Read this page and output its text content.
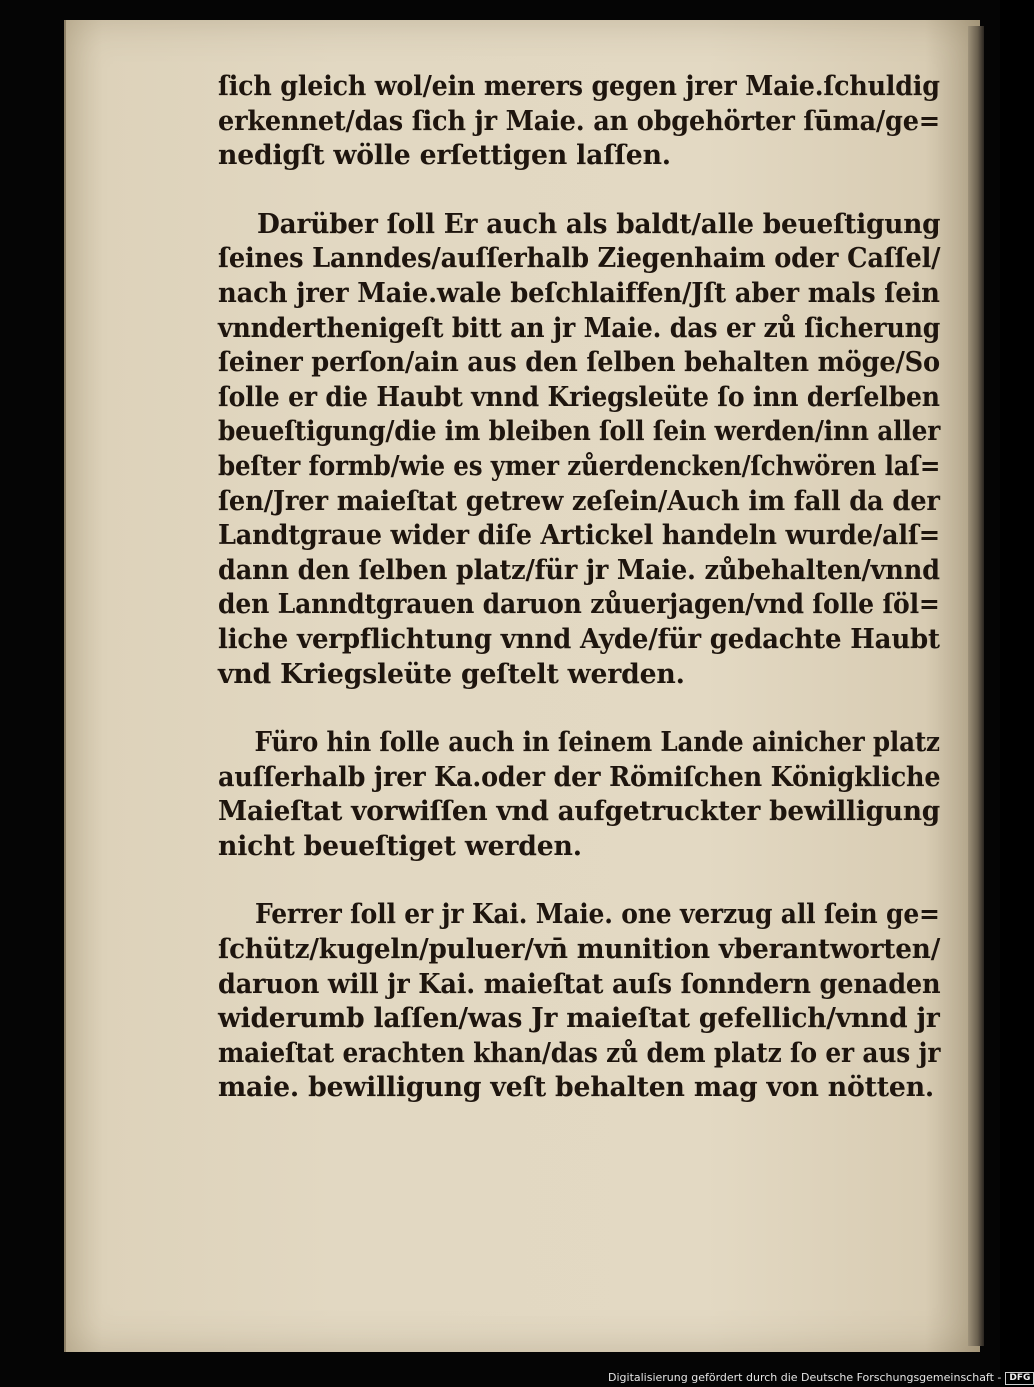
ſich gleich wol/ein merers gegen jrer Maie.ſchuldig
erkennet/das ſich jr Maie. an obgehörter ſūma/ge=
nedigſt wölle erſettigen laſſen.
Darüber ſoll Er auch als baldt/alle beueſtigung
ſeines Lanndes/auſſerhalb Ziegenhaim oder Caſſel/
nach jrer Maie.wale beſchlaiffen/Jſt aber mals ſein
vnnderthenigeſt bitt an jr Maie. das er zů ſicherung
ſeiner perſon/ain aus den ſelben behalten möge/So
ſolle er die Haubt vnnd Kriegsleüte ſo inn derſelben
beueſtigung/die im bleiben ſoll ſein werden/inn aller
beſter formb/wie es ymer zůerdencken/ſchwören laſ=
ſen/Jrer maieſtat getrew zeſein/Auch im fall da der
Landtgraue wider diſe Artickel handeln wurde/alſ=
dann den ſelben platz/für jr Maie. zůbehalten/vnnd
den Lanndtgrauen daruon zůuerjagen/vnd ſolle ſöl=
liche verpflichtung vnnd Ayde/für gedachte Haubt
vnd Kriegsleüte geſtelt werden.
Füro hin ſolle auch in ſeinem Lande ainicher platz
auſſerhalb jrer Ka.oder der Römiſchen Königkliche
Maieſtat vorwiſſen vnd aufgetruckter bewilligung
nicht beueſtiget werden.
Ferrer ſoll er jr Kai. Maie. one verzug all ſein ge=
ſchütz/kugeln/puluer/vn̄ munition vberantworten/
daruon will jr Kai. maieſtat auſs ſonndern genaden
widerumb laſſen/was Jr maieſtat gefellich/vnnd jr
maieſtat erachten khan/das zů dem platz ſo er aus jr
maie. bewilligung veſt behalten mag von nötten.
Digitalisierung gefördert durch die Deutsche Forschungsgemeinschaft - DFG
